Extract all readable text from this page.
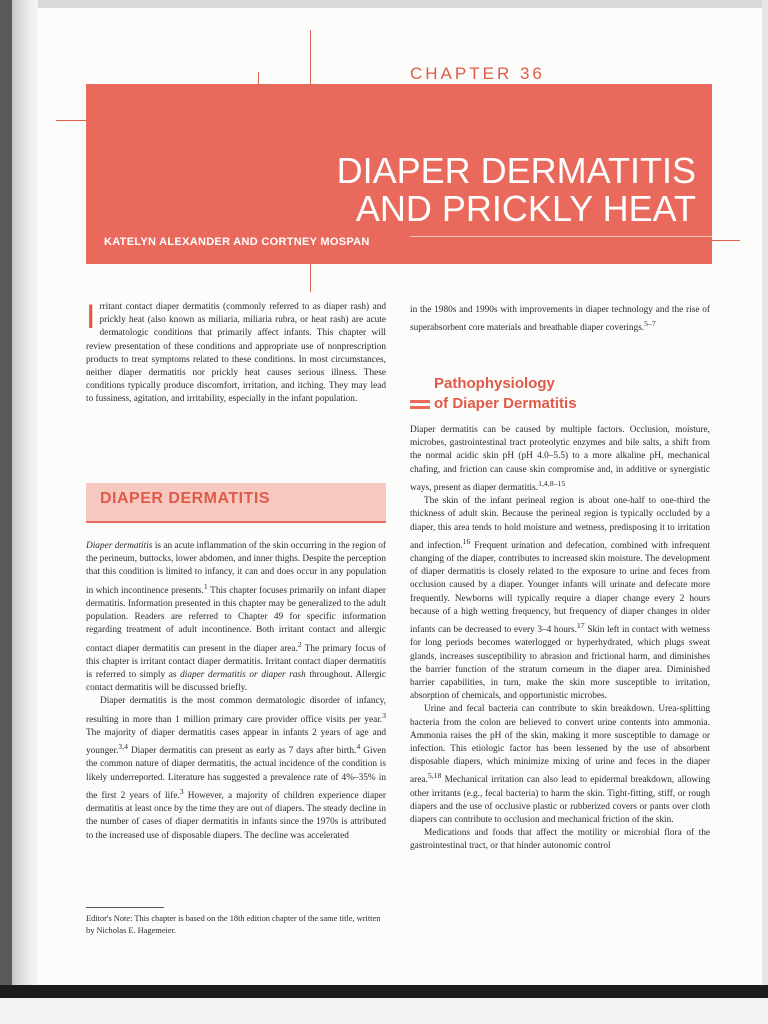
CHAPTER 36
DIAPER DERMATITIS
AND PRICKLY HEAT
KATELYN ALEXANDER AND CORTNEY MOSPAN

Irritant contact diaper dermatitis (commonly referred to as diaper rash) and prickly heat (also known as miliaria, miliaria rubra, or heat rash) are acute dermatologic conditions that primarily affect infants. This chapter will review presentation of these conditions and appropriate use of nonprescription products to treat symptoms related to these conditions. In most circumstances, neither diaper dermatitis nor prickly heat causes serious illness. These conditions typically produce discomfort, irritation, and itching. They may lead to fussiness, agitation, and irritability, especially in the infant population.

DIAPER DERMATITIS

Diaper dermatitis is an acute inflammation of the skin occurring in the region of the perineum, buttocks, lower abdomen, and inner thighs. Despite the perception that this condition is limited to infancy, it can and does occur in any population in which incontinence presents.$^1$ This chapter focuses primarily on infant diaper dermatitis. Information presented in this chapter may be generalized to the adult population. Readers are referred to Chapter 49 for specific information regarding treatment of adult incontinence. Both irritant contact and allergic contact diaper dermatitis can present in the diaper area.$^2$ The primary focus of this chapter is irritant contact diaper dermatitis. Irritant contact diaper dermatitis is referred to simply as diaper dermatitis or diaper rash throughout. Allergic contact dermatitis will be discussed briefly.

Diaper dermatitis is the most common dermatologic disorder of infancy, resulting in more than 1 million primary care provider office visits per year.$^3$ The majority of diaper dermatitis cases appear in infants 2 years of age and younger.$^{3,4}$ Diaper dermatitis can present as early as 7 days after birth.$^4$ Given the common nature of diaper dermatitis, the actual incidence of the condition is likely underreported. Literature has suggested a prevalence rate of 4%–35% in the first 2 years of life.$^3$ However, a majority of children experience diaper dermatitis at least once by the time they are out of diapers. The steady decline in the number of cases of diaper dermatitis in infants since the 1970s is attributed to the increased use of disposable diapers. The decline was accelerated

Editor's Note: This chapter is based on the 18th edition chapter of the same title, written by Nicholas E. Hagemeier.

in the 1980s and 1990s with improvements in diaper technology and the rise of superabsorbent core materials and breathable diaper coverings.$^{5-7}$

Pathophysiology
of Diaper Dermatitis

Diaper dermatitis can be caused by multiple factors. Occlusion, moisture, microbes, gastrointestinal tract proteolytic enzymes and bile salts, a shift from the normal acidic skin pH (pH 4.0–5.5) to a more alkaline pH, mechanical chafing, and friction can cause skin compromise and, in additive or synergistic ways, present as diaper dermatitis.$^{1,4,8-15}$

The skin of the infant perineal region is about one-half to one-third the thickness of adult skin. Because the perineal region is typically occluded by a diaper, this area tends to hold moisture and wetness, predisposing it to irritation and infection.$^{16}$ Frequent urination and defecation, combined with infrequent changing of the diaper, contributes to increased skin moisture. The development of diaper dermatitis is closely related to the exposure to urine and feces from occlusion caused by a diaper. Younger infants will urinate and defecate more frequently. Newborns will typically require a diaper change every 2 hours because of a high wetting frequency, but frequency of diaper changes in older infants can be decreased to every 3–4 hours.$^{17}$ Skin left in contact with wetness for long periods becomes waterlogged or hyperhydrated, which plugs sweat glands, increases susceptibility to abrasion and frictional harm, and diminishes the barrier function of the stratum corneum in the diaper area. Diminished barrier capabilities, in turn, make the skin more susceptible to irritation, absorption of chemicals, and opportunistic microbes.

Urine and fecal bacteria can contribute to skin breakdown. Urea-splitting bacteria from the colon are believed to convert urine contents into ammonia. Ammonia raises the pH of the skin, making it more susceptible to damage or infection. This etiologic factor has been lessened by the use of absorbent disposable diapers, which minimize mixing of urine and feces in the diaper area.$^{5,18}$ Mechanical irritation can also lead to epidermal breakdown, allowing other irritants (e.g., fecal bacteria) to harm the skin. Tight-fitting, stiff, or rough diapers and the use of occlusive plastic or rubberized covers or pants over cloth diapers can contribute to occlusion and mechanical friction of the skin.

Medications and foods that affect the motility or microbial flora of the gastrointestinal tract, or that hinder autonomic control
